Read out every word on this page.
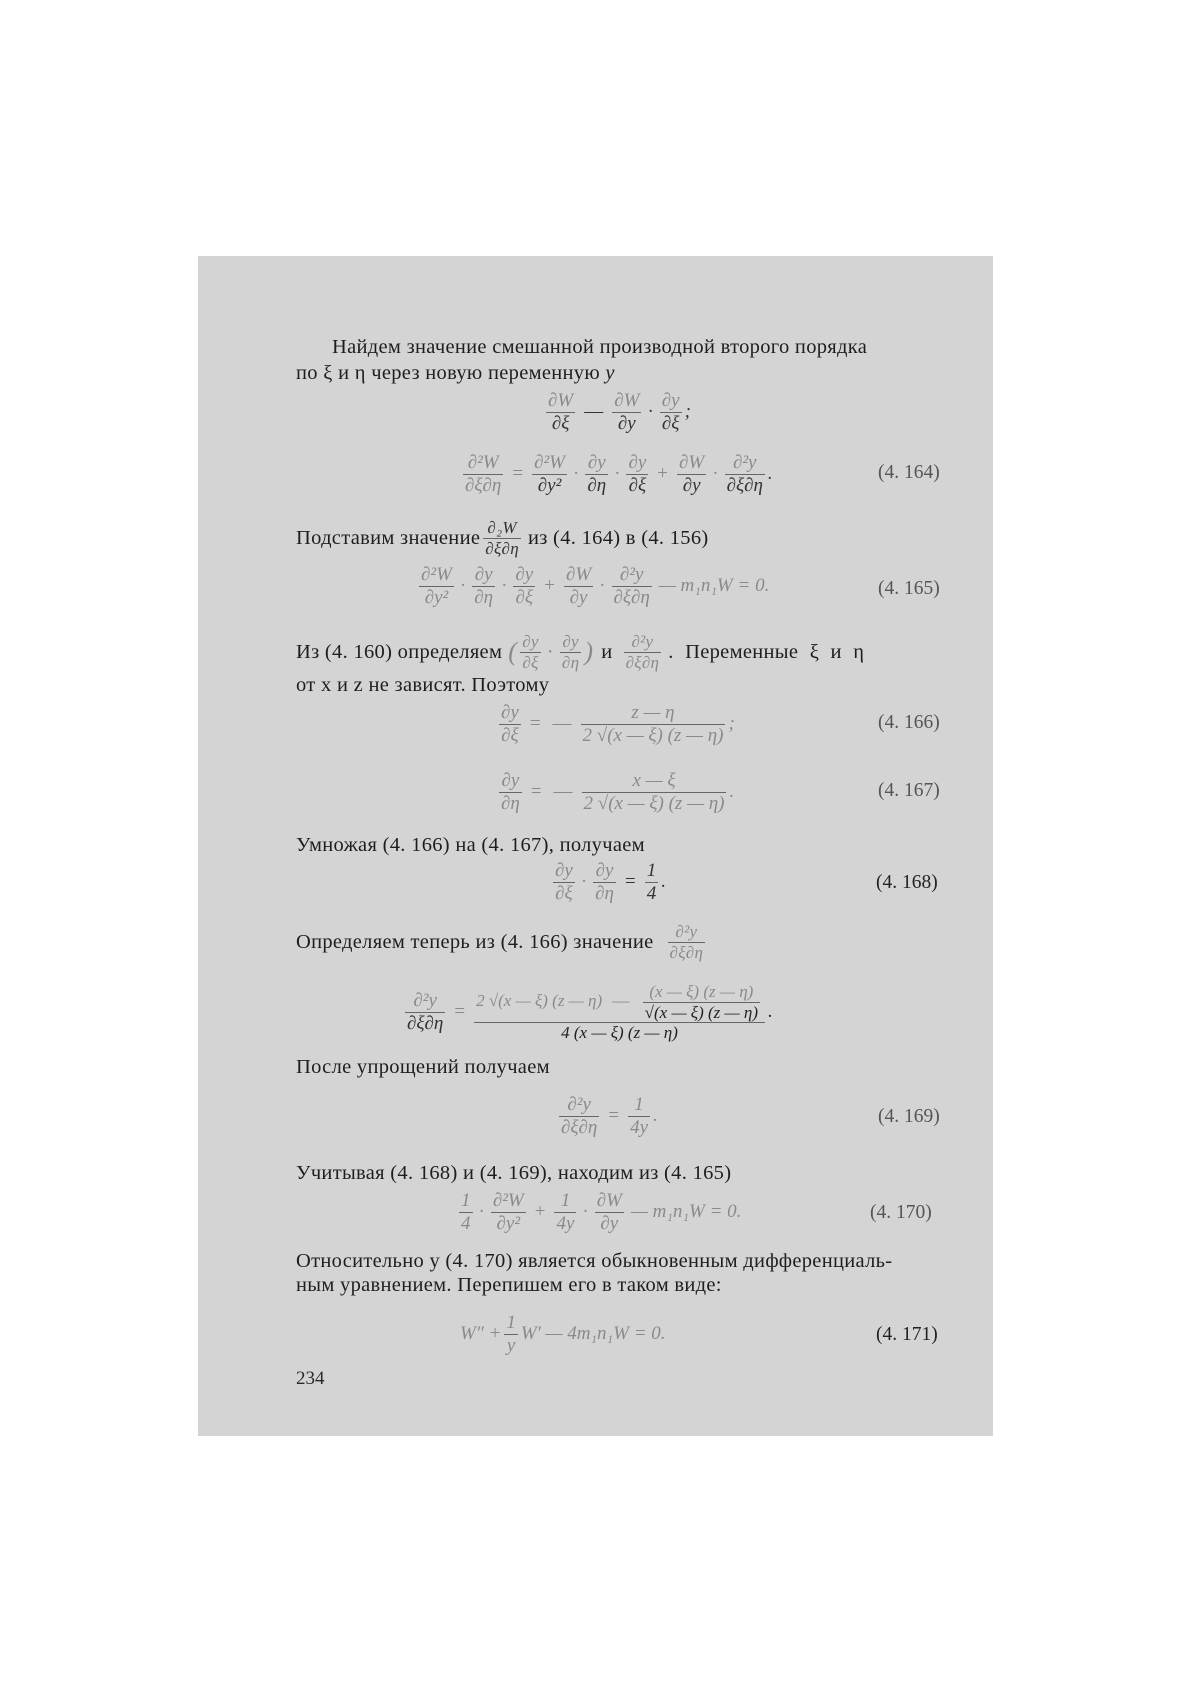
Найдем значение смешанной производной второго порядка
по ξ и η через новую переменную y
$\frac{\partial W}{\partial\xi}$ — $\frac{\partial W}{\partial y} \cdot \frac{\partial y}{\partial\xi}$ ;
$\frac{\text{∂²W}}{\partial\xi\partial\eta} = \frac{\text{∂²W}}{\text{∂y²}} \cdot \frac{\partial y}{\partial\eta} \cdot \frac{\partial y}{\partial\xi} + \frac{\partial W}{\partial y} \cdot \frac{\text{∂²y}}{\partial\xi\partial\eta}$ .	(4. 164)
Подставим значение $\frac{\text{∂₂W}}{\partial\xi\partial\eta}$ из (4. 164) в (4. 156)
$\frac{\text{∂²W}}{\text{∂y²}} \cdot \frac{\partial y}{\partial\eta} \cdot \frac{\partial y}{\partial\xi} + \frac{\partial W}{\partial y} \cdot \frac{\text{∂²y}}{\partial\xi\partial\eta}$ — m₁n₁W = 0.	(4. 165)
Из (4. 160) определяем ( $\frac{\partial y}{\partial\xi} \cdot \frac{\partial y}{\partial\eta}$ ) и $\frac{\text{∂²y}}{\partial\xi\partial\eta}$ . Переменные ξ и η
от x и z не зависят. Поэтому
$\frac{\partial y}{\partial\xi}$ = — $\frac{z — \eta}{2 √(x — \xi) (z — \eta)}$ ;	(4. 166)
$\frac{\partial y}{\partial\eta}$ = — $\frac{x — \xi}{2 √(x — \xi) (z — \eta)}$ .	(4. 167)
Умножая (4. 166) на (4. 167), получаем
$\frac{\partial y}{\partial\xi} \cdot \frac{\partial y}{\partial\eta} = \frac{1}{4}$ .	(4. 168)
Определяем теперь из (4. 166) значение $\frac{\text{∂²y}}{\partial\xi\partial\eta}$
$\frac{\text{∂²y}}{\partial\xi\partial\eta}$ =
2 √(x — ξ) (z — η) — $\frac{(x — \xi) (z — \eta)}{√(x — \xi) (z — \eta)}$
4 (x — ξ) (z — η)
.
После упрощений получаем
$\frac{\text{∂²y}}{\partial\xi\partial\eta} = \frac{1}{4y}$ .	(4. 169)
Учитывая (4. 168) и (4. 169), находим из (4. 165)
$\frac{1}{4} \cdot \frac{\text{∂²W}}{\text{∂y²}} + \frac{1}{4y} \cdot \frac{\partial W}{\partial y}$ — m₁n₁W = 0.	(4. 170)
Относительно y (4. 170) является обыкновенным дифференциаль-
ным уравнением. Перепишем его в таком виде:
$W'' + \frac{1}{y} W'$ — 4m₁n₁W = 0.	(4. 171)
234
